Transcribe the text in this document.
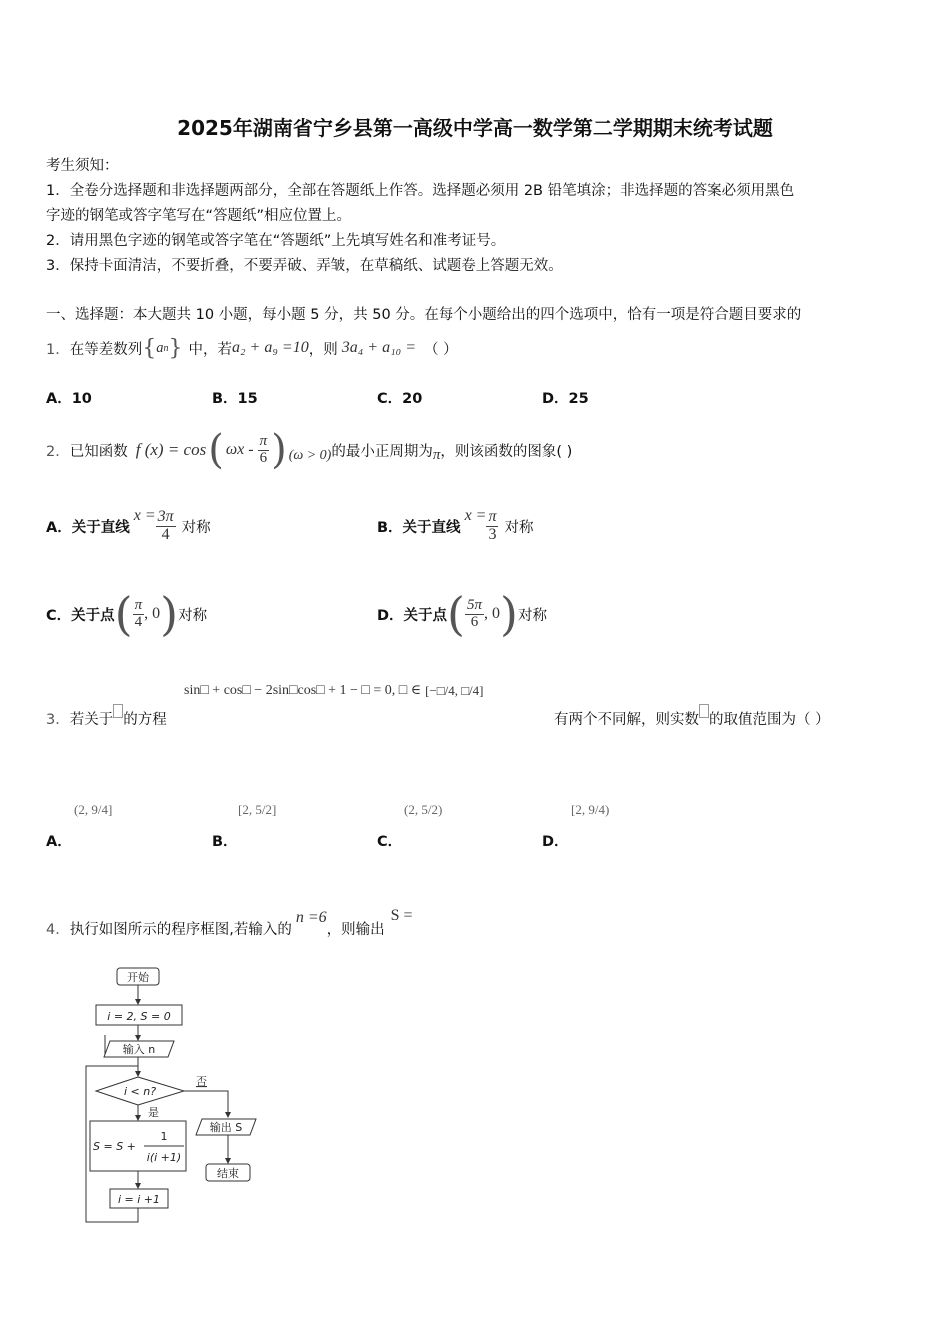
2025年湖南省宁乡县第一高级中学高一数学第二学期期末统考试题
考生须知：
1．全卷分选择题和非选择题两部分，全部在答题纸上作答。选择题必须用 2B 铅笔填涂；非选择题的答案必须用黑色
字迹的钢笔或答字笔写在“答题纸”相应位置上。
2．请用黑色字迹的钢笔或答字笔在“答题纸”上先填写姓名和准考证号。
3．保持卡面清洁，不要折叠，不要弄破、弄皱，在草稿纸、试题卷上答题无效。
一、选择题：本大题共 10 小题，每小题 5 分，共 50 分。在每个小题给出的四个选项中，恰有一项是符合题目要求的
1． 在等差数列 { a n } 中，若 a₂ + a₉ =10 ，则 3a₄ + a₁₀ = （ ）
A．10	B．15	C．20	D．25
2． 已知函数 f (x) = cos ( ωx - $\frac{\pi}{6}$ ) (ω > 0) 的最小正周期为 π ，则该函数的图象( )
A．关于直线
$x = \frac{3\pi}{4}$ 对称	B．关于直线
$x = \frac{\pi}{3}$ 对称
C．关于点 ( $\frac{\pi}{4}$ , 0 ) 对称	D．关于点 ( $\frac{5\pi}{6}$ , 0 ) 对称
sin□ + cos□ − 2sin□cos□ + 1 − □ = 0, □ ∈ [−□/4, □/4]
3． 若关于 的方程	有两个不同解，则实数 的取值范围为（ ）
(2, 9/4]	[2, 5/2]	(2, 5/2)	[2, 9/4)
A．	B．	C．	D．
4． 执行如图所示的程序框图,若输入的
n =6
，则输出
S =
开始
i = 2, S = 0
输入 n
i < n?
否
是
S = S +
1
i(i +1)
i = i +1
输出 S
结束
